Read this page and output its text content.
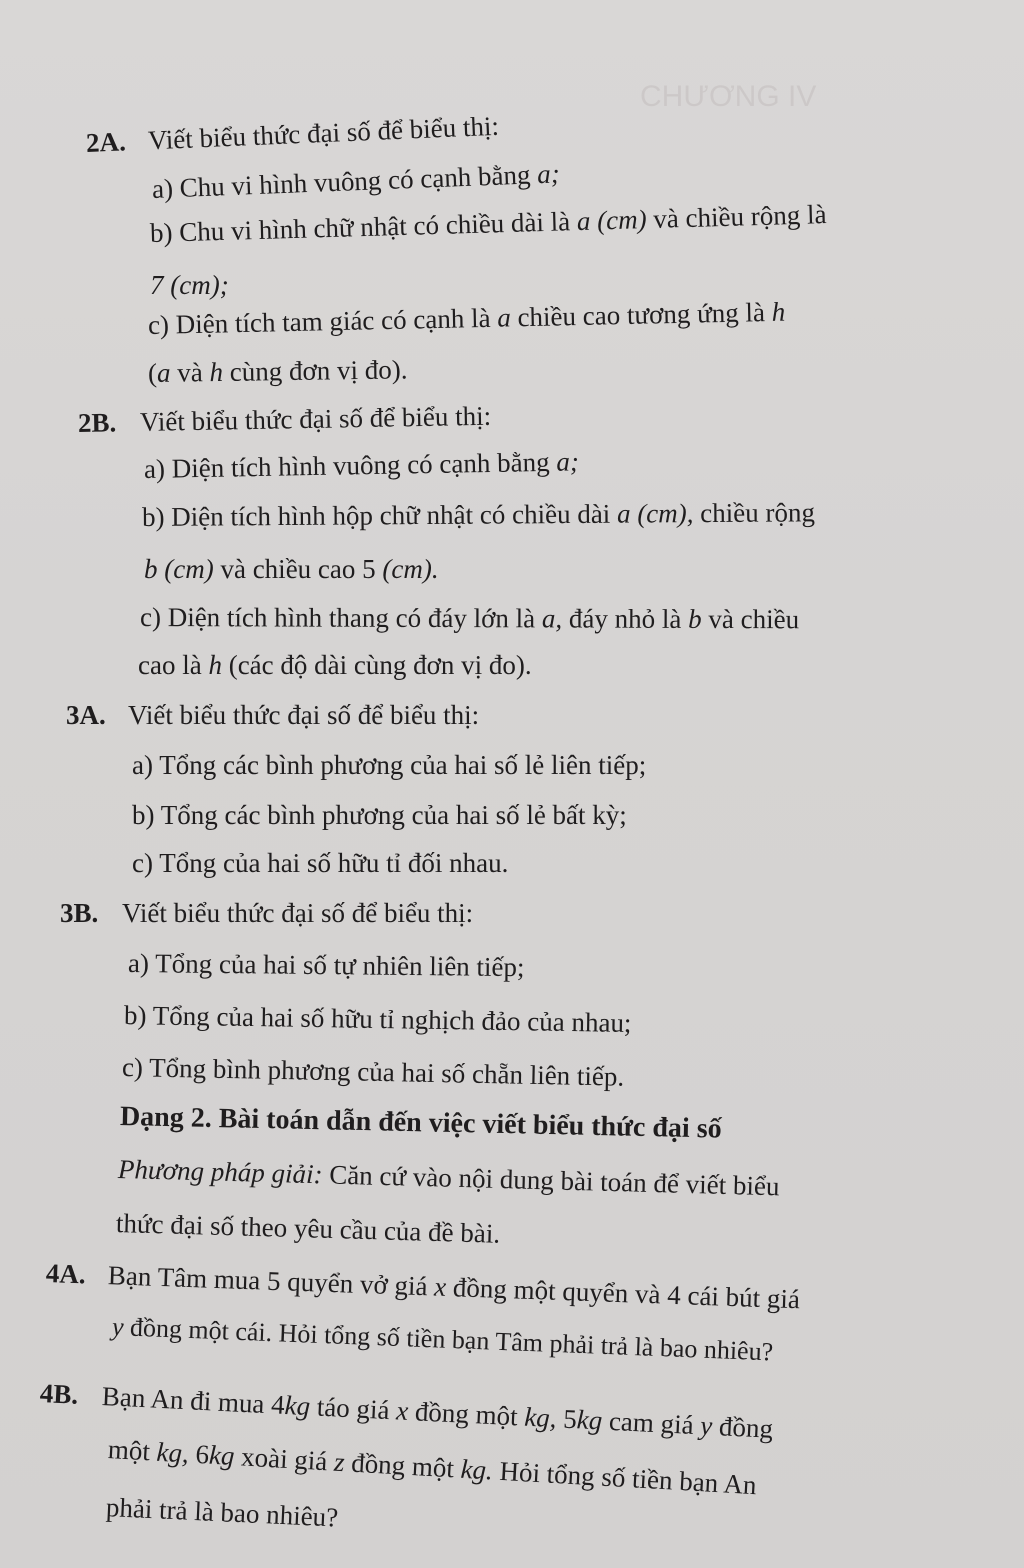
CHƯƠNG IV
2A. Viết biểu thức đại số để biểu thị:
a) Chu vi hình vuông có cạnh bằng a;
b) Chu vi hình chữ nhật có chiều dài là a (cm) và chiều rộng là
7 (cm);
c) Diện tích tam giác có cạnh là a chiều cao tương ứng là h
(a và h cùng đơn vị đo).
2B. Viết biểu thức đại số để biểu thị:
a) Diện tích hình vuông có cạnh bằng a;
b) Diện tích hình hộp chữ nhật có chiều dài a (cm), chiều rộng
b (cm) và chiều cao 5 (cm).
c) Diện tích hình thang có đáy lớn là a, đáy nhỏ là b và chiều
cao là h (các độ dài cùng đơn vị đo).
3A. Viết biểu thức đại số để biểu thị:
a) Tổng các bình phương của hai số lẻ liên tiếp;
b) Tổng các bình phương của hai số lẻ bất kỳ;
c) Tổng của hai số hữu tỉ đối nhau.
3B. Viết biểu thức đại số để biểu thị:
a) Tổng của hai số tự nhiên liên tiếp;
b) Tổng của hai số hữu tỉ nghịch đảo của nhau;
c) Tổng bình phương của hai số chẵn liên tiếp.
Dạng 2. Bài toán dẫn đến việc viết biểu thức đại số
Phương pháp giải: Căn cứ vào nội dung bài toán để viết biểu
thức đại số theo yêu cầu của đề bài.
4A. Bạn Tâm mua 5 quyển vở giá x đồng một quyển và 4 cái bút giá
y đồng một cái. Hỏi tổng số tiền bạn Tâm phải trả là bao nhiêu?
4B. Bạn An đi mua 4kg táo giá x đồng một kg, 5kg cam giá y đồng
một kg, 6kg xoài giá z đồng một kg. Hỏi tổng số tiền bạn An
phải trả là bao nhiêu?
